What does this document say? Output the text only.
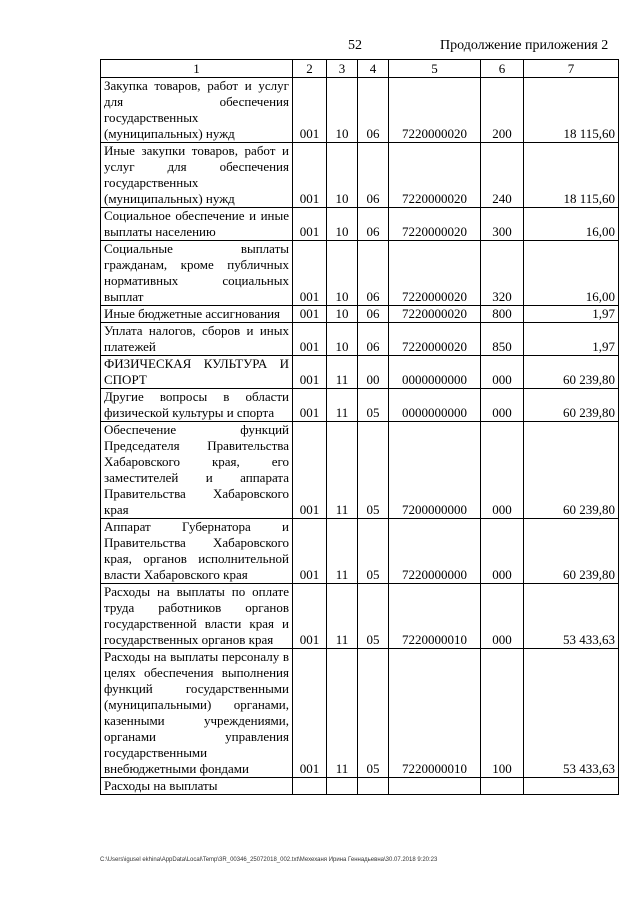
52	Продолжение приложения 2
1	2	3	4	5	6	7
Закупка товаров, работ и услуг для обеспечения государственных (муниципальных) нужд	001	10	06	7220000020	200	18 115,60
Иные закупки товаров, работ и услуг для обеспечения государственных (муниципальных) нужд	001	10	06	7220000020	240	18 115,60
Социальное обеспечение и иные выплаты населению	001	10	06	7220000020	300	16,00
Социальные выплаты гражданам, кроме публичных нормативных социальных выплат	001	10	06	7220000020	320	16,00
Иные бюджетные ассигнования	001	10	06	7220000020	800	1,97
Уплата налогов, сборов и иных платежей	001	10	06	7220000020	850	1,97
ФИЗИЧЕСКАЯ КУЛЬТУРА И СПОРТ	001	11	00	0000000000	000	60 239,80
Другие вопросы в области физической культуры и спорта	001	11	05	0000000000	000	60 239,80
Обеспечение функций Председателя Правительства Хабаровского края, его заместителей и аппарата Правительства Хабаровского края	001	11	05	7200000000	000	60 239,80
Аппарат Губернатора и Правительства Хабаровского края, органов исполнительной власти Хабаровского края	001	11	05	7220000000	000	60 239,80
Расходы на выплаты по оплате труда работников органов государственной власти края и государственных органов края	001	11	05	7220000010	000	53 433,63
Расходы на выплаты персоналу в целях обеспечения выполнения функций государственными (муниципальными) органами, казенными учреждениями, органами управления государственными внебюджетными фондами	001	11	05	7220000010	100	53 433,63
Расходы на выплаты						
C:\Users\igusel ekhina\AppData\Local\Temp\3R_00346_25072018_002.txt\Мехеханя Ирина Геннадьевна\30.07.2018 9:20:23
